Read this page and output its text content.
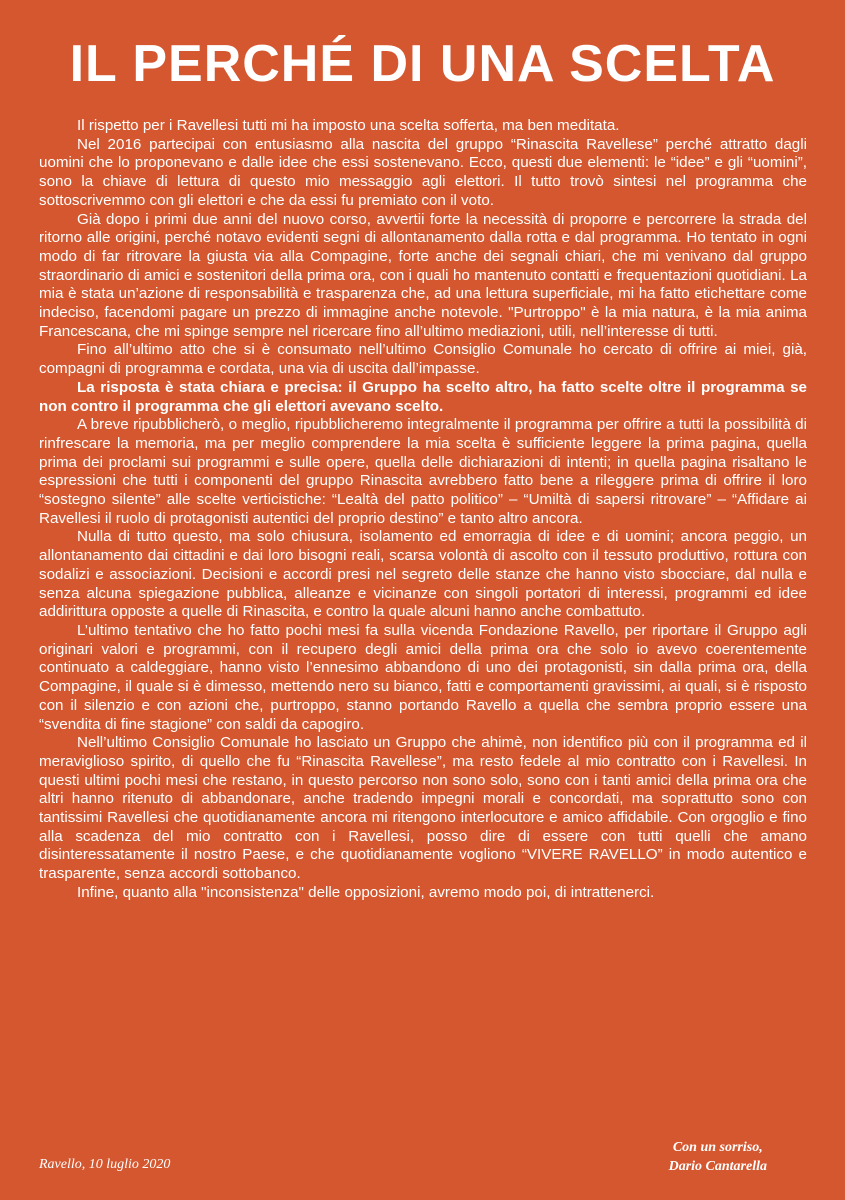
IL PERCHÉ DI UNA SCELTA

Il rispetto per i Ravellesi tutti mi ha imposto una scelta sofferta, ma ben meditata.

Nel 2016 partecipai con entusiasmo alla nascita del gruppo “Rinascita Ravellese” perché attratto dagli uomini che lo proponevano e dalle idee che essi sostenevano. Ecco, questi due elementi: le “idee” e gli “uomini”, sono la chiave di lettura di questo mio messaggio agli elettori. Il tutto trovò sintesi nel programma che sottoscrivemmo con gli elettori e che da essi fu premiato con il voto.

Già dopo i primi due anni del nuovo corso, avvertii forte la necessità di proporre e percorrere la strada del ritorno alle origini, perché notavo evidenti segni di allontanamento dalla rotta e dal programma. Ho tentato in ogni modo di far ritrovare la giusta via alla Compagine, forte anche dei segnali chiari, che mi venivano dal gruppo straordinario di amici e sostenitori della prima ora, con i quali ho mantenuto contatti e frequentazioni quotidiani. La mia è stata un’azione di responsabilità e trasparenza che, ad una lettura superficiale, mi ha fatto etichettare come indeciso, facendomi pagare un prezzo di immagine anche notevole. "Purtroppo" è la mia natura, è la mia anima Francescana, che mi spinge sempre nel ricercare fino all’ultimo mediazioni, utili, nell’interesse di tutti.

Fino all’ultimo atto che si è consumato nell’ultimo Consiglio Comunale ho cercato di offrire ai miei, già, compagni di programma e cordata, una via di uscita dall’impasse.

La risposta è stata chiara e precisa: il Gruppo ha scelto altro, ha fatto scelte oltre il programma se non contro il programma che gli elettori avevano scelto.

A breve ripubblicherò, o meglio, ripubblicheremo integralmente il programma per offrire a tutti la possibilità di rinfrescare la memoria, ma per meglio comprendere la mia scelta è sufficiente leggere la prima pagina, quella prima dei proclami sui programmi e sulle opere, quella delle dichiarazioni di intenti; in quella pagina risaltano le espressioni che tutti i componenti del gruppo Rinascita avrebbero fatto bene a rileggere prima di offrire il loro “sostegno silente” alle scelte verticistiche: “Lealtà del patto politico” – “Umiltà di sapersi ritrovare” – “Affidare ai Ravellesi il ruolo di protagonisti autentici del proprio destino” e tanto altro ancora.

Nulla di tutto questo, ma solo chiusura, isolamento ed emorragia di idee e di uomini; ancora peggio, un allontanamento dai cittadini e dai loro bisogni reali, scarsa volontà di ascolto con il tessuto produttivo, rottura con sodalizi e associazioni. Decisioni e accordi presi nel segreto delle stanze che hanno visto sbocciare, dal nulla e senza alcuna spiegazione pubblica, alleanze e vicinanze con singoli portatori di interessi, programmi ed idee addirittura opposte a quelle di Rinascita, e contro la quale alcuni hanno anche combattuto.

L’ultimo tentativo che ho fatto pochi mesi fa sulla vicenda Fondazione Ravello, per riportare il Gruppo agli originari valori e programmi, con il recupero degli amici della prima ora che solo io avevo coerentemente continuato a caldeggiare, hanno visto l’ennesimo abbandono di uno dei protagonisti, sin dalla prima ora, della Compagine, il quale si è dimesso, mettendo nero su bianco, fatti e comportamenti gravissimi, ai quali, si è risposto con il silenzio e con azioni che, purtroppo, stanno portando Ravello a quella che sembra proprio essere una “svendita di fine stagione” con saldi da capogiro.

Nell’ultimo Consiglio Comunale ho lasciato un Gruppo che ahimè, non identifico più con il programma ed il meraviglioso spirito, di quello che fu “Rinascita Ravellese”, ma resto fedele al mio contratto con i Ravellesi. In questi ultimi pochi mesi che restano, in questo percorso non sono solo, sono con i tanti amici della prima ora che altri hanno ritenuto di abbandonare, anche tradendo impegni morali e concordati, ma soprattutto sono con tantissimi Ravellesi che quotidianamente ancora mi ritengono interlocutore e amico affidabile. Con orgoglio e fino alla scadenza del mio contratto con i Ravellesi, posso dire di essere con tutti quelli che amano disinteressatamente il nostro Paese, e che quotidianamente vogliono “VIVERE RAVELLO” in modo autentico e trasparente, senza accordi sottobanco.

Infine, quanto alla "inconsistenza" delle opposizioni, avremo modo poi, di intrattenerci.

Ravello, 10 luglio 2020
Con un sorriso,
Dario Cantarella
